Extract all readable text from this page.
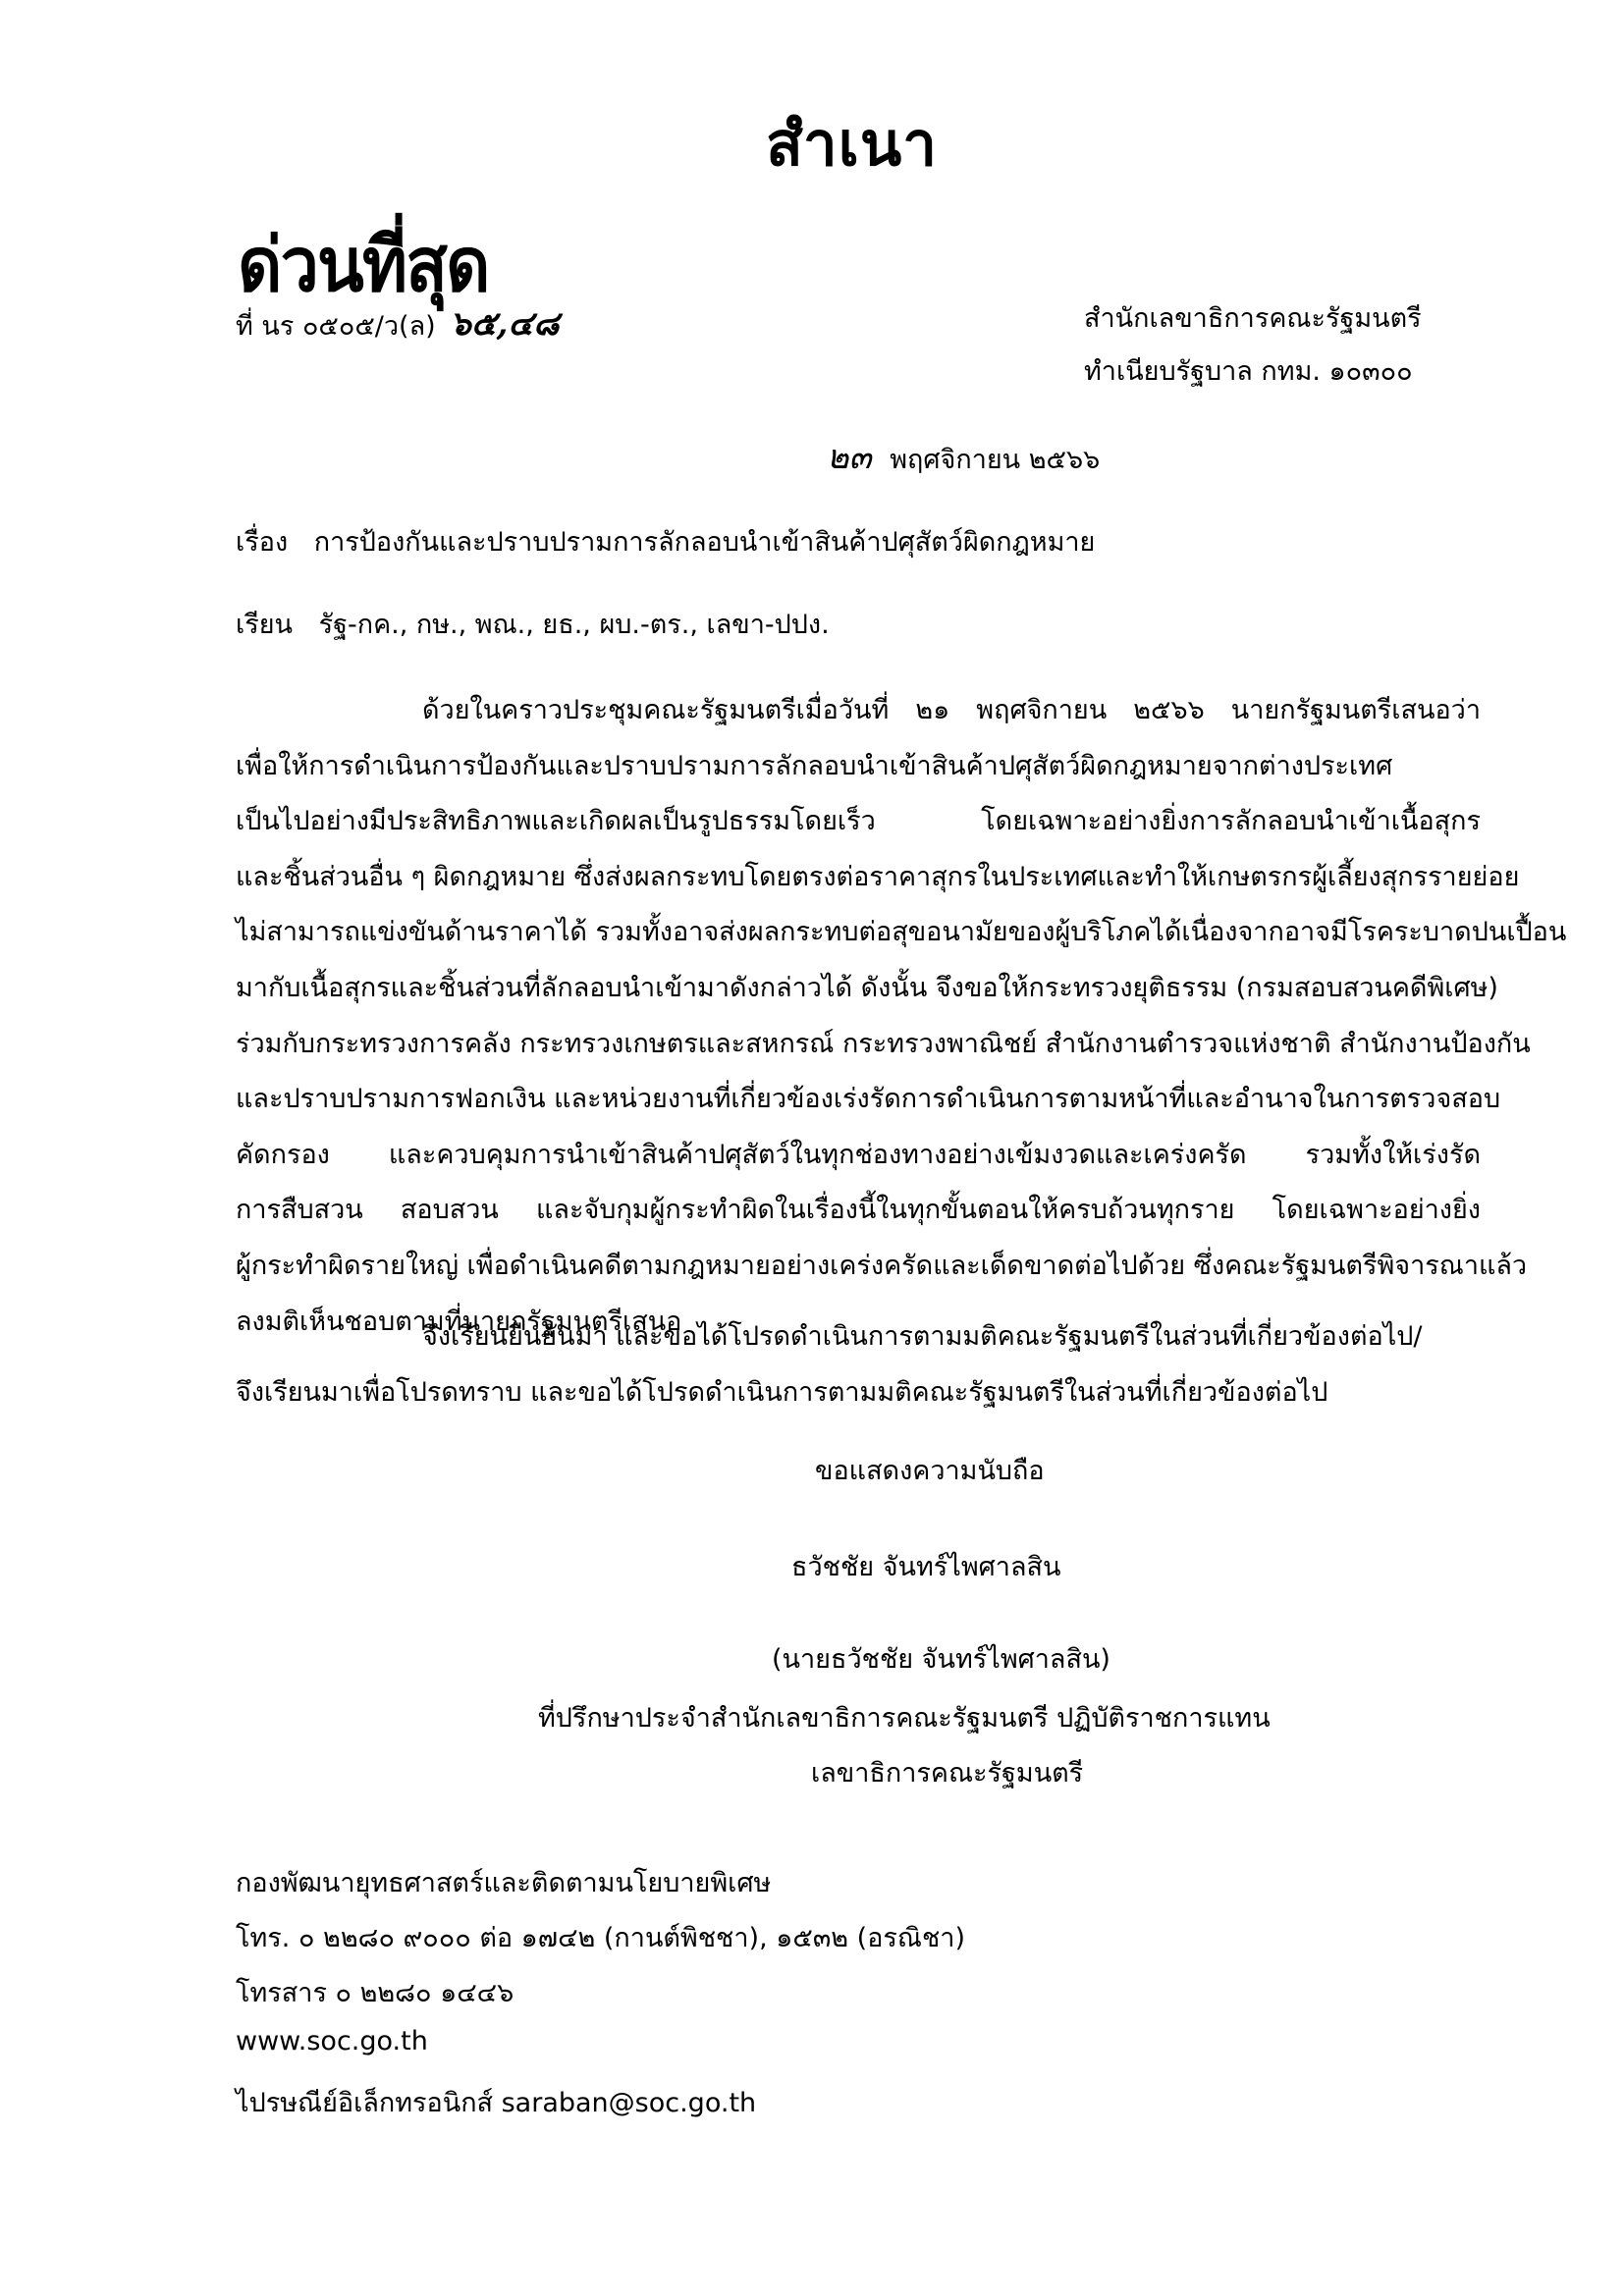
สำเนา
ด่วนที่สุด
ที่ นร ๐๕๐๕/ว(ล) ๖๕,๔๘	สำนักเลขาธิการคณะรัฐมนตรี
ทำเนียบรัฐบาล กทม. ๑๐๓๐๐
๒๓ พฤศจิกายน ๒๕๖๖
เรื่อง การป้องกันและปราบปรามการลักลอบนำเข้าสินค้าปศุสัตว์ผิดกฎหมาย
เรียน รัฐ-กค., กษ., พณ., ยธ., ผบ.-ตร., เลขา-ปปง.
ด้วยในคราวประชุมคณะรัฐมนตรีเมื่อวันที่ ๒๑ พฤศจิกายน ๒๕๖๖ นายกรัฐมนตรีเสนอว่า
เพื่อให้การดำเนินการป้องกันและปราบปรามการลักลอบนำเข้าสินค้าปศุสัตว์ผิดกฎหมายจากต่างประเทศ
เป็นไปอย่างมีประสิทธิภาพและเกิดผลเป็นรูปธรรมโดยเร็ว โดยเฉพาะอย่างยิ่งการลักลอบนำเข้าเนื้อสุกร
และชิ้นส่วนอื่น ๆ ผิดกฎหมาย ซึ่งส่งผลกระทบโดยตรงต่อราคาสุกรในประเทศและทำให้เกษตรกรผู้เลี้ยงสุกรรายย่อย
ไม่สามารถแข่งขันด้านราคาได้ รวมทั้งอาจส่งผลกระทบต่อสุขอนามัยของผู้บริโภคได้เนื่องจากอาจมีโรคระบาดปนเปื้อน
มากับเนื้อสุกรและชิ้นส่วนที่ลักลอบนำเข้ามาดังกล่าวได้ ดังนั้น จึงขอให้กระทรวงยุติธรรม (กรมสอบสวนคดีพิเศษ)
ร่วมกับกระทรวงการคลัง กระทรวงเกษตรและสหกรณ์ กระทรวงพาณิชย์ สำนักงานตำรวจแห่งชาติ สำนักงานป้องกัน
และปราบปรามการฟอกเงิน และหน่วยงานที่เกี่ยวข้องเร่งรัดการดำเนินการตามหน้าที่และอำนาจในการตรวจสอบ
คัดกรอง และควบคุมการนำเข้าสินค้าปศุสัตว์ในทุกช่องทางอย่างเข้มงวดและเคร่งครัด รวมทั้งให้เร่งรัด
การสืบสวน สอบสวน และจับกุมผู้กระทำผิดในเรื่องนี้ในทุกขั้นตอนให้ครบถ้วนทุกราย โดยเฉพาะอย่างยิ่ง
ผู้กระทำผิดรายใหญ่ เพื่อดำเนินคดีตามกฎหมายอย่างเคร่งครัดและเด็ดขาดต่อไปด้วย ซึ่งคณะรัฐมนตรีพิจารณาแล้ว
ลงมติเห็นชอบตามที่นายกรัฐมนตรีเสนอ
จึงเรียนยืนยันมา และขอได้โปรดดำเนินการตามมติคณะรัฐมนตรีในส่วนที่เกี่ยวข้องต่อไป/
จึงเรียนมาเพื่อโปรดทราบ และขอได้โปรดดำเนินการตามมติคณะรัฐมนตรีในส่วนที่เกี่ยวข้องต่อไป
ขอแสดงความนับถือ
ธวัชชัย จันทร์ไพศาลสิน
(นายธวัชชัย จันทร์ไพศาลสิน)
ที่ปรึกษาประจำสำนักเลขาธิการคณะรัฐมนตรี ปฏิบัติราชการแทน
เลขาธิการคณะรัฐมนตรี
กองพัฒนายุทธศาสตร์และติดตามนโยบายพิเศษ
โทร. ๐ ๒๒๘๐ ๙๐๐๐ ต่อ ๑๗๔๒ (กานต์พิชชา), ๑๕๓๒ (อรณิชา)
โทรสาร ๐ ๒๒๘๐ ๑๔๔๖
www.soc.go.th
ไปรษณีย์อิเล็กทรอนิกส์ saraban@soc.go.th
